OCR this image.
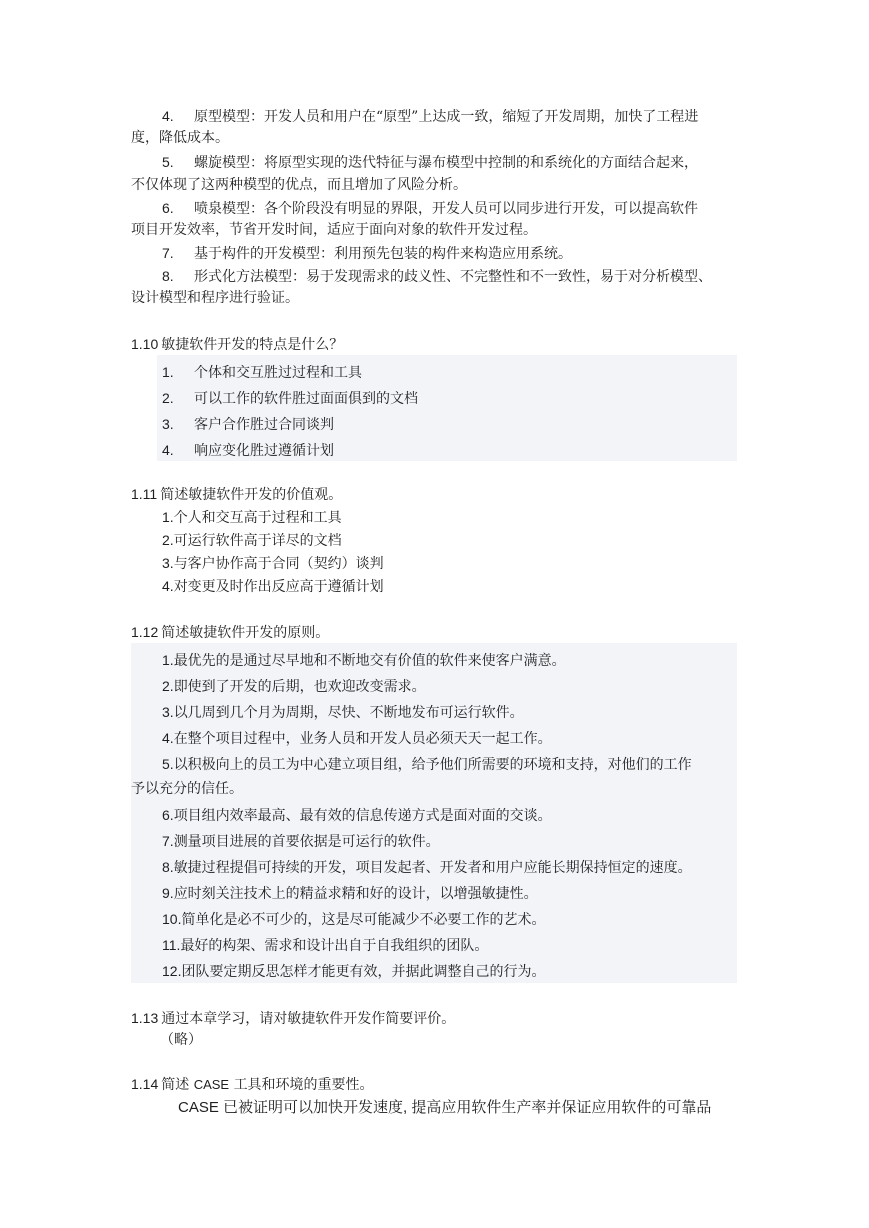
4. 原型模型：开发人员和用户在“原型”上达成一致，缩短了开发周期，加快了工程进
度，降低成本。
5. 螺旋模型：将原型实现的迭代特征与瀑布模型中控制的和系统化的方面结合起来，
不仅体现了这两种模型的优点，而且增加了风险分析。
6. 喷泉模型：各个阶段没有明显的界限，开发人员可以同步进行开发，可以提高软件
项目开发效率，节省开发时间，适应于面向对象的软件开发过程。
7. 基于构件的开发模型：利用预先包装的构件来构造应用系统。
8. 形式化方法模型：易于发现需求的歧义性、不完整性和不一致性，易于对分析模型、
设计模型和程序进行验证。
1.10 敏捷软件开发的特点是什么？
1. 个体和交互胜过过程和工具
2. 可以工作的软件胜过面面俱到的文档
3. 客户合作胜过合同谈判
4. 响应变化胜过遵循计划
1.11 简述敏捷软件开发的价值观。
1.个人和交互高于过程和工具
2.可运行软件高于详尽的文档
3.与客户协作高于合同（契约）谈判
4.对变更及时作出反应高于遵循计划
1.12 简述敏捷软件开发的原则。
1.最优先的是通过尽早地和不断地交有价值的软件来使客户满意。
2.即使到了开发的后期，也欢迎改变需求。
3.以几周到几个月为周期，尽快、不断地发布可运行软件。
4.在整个项目过程中，业务人员和开发人员必须天天一起工作。
5.以积极向上的员工为中心建立项目组，给予他们所需要的环境和支持，对他们的工作
予以充分的信任。
6.项目组内效率最高、最有效的信息传递方式是面对面的交谈。
7.测量项目进展的首要依据是可运行的软件。
8.敏捷过程提倡可持续的开发，项目发起者、开发者和用户应能长期保持恒定的速度。
9.应时刻关注技术上的精益求精和好的设计，以增强敏捷性。
10.简单化是必不可少的，这是尽可能减少不必要工作的艺术。
11.最好的构架、需求和设计出自于自我组织的团队。
12.团队要定期反思怎样才能更有效，并据此调整自己的行为。
1.13 通过本章学习，请对敏捷软件开发作简要评价。
（略）
1.14 简述 CASE 工具和环境的重要性。
CASE 已被证明可以加快开发速度, 提高应用软件生产率并保证应用软件的可靠品
